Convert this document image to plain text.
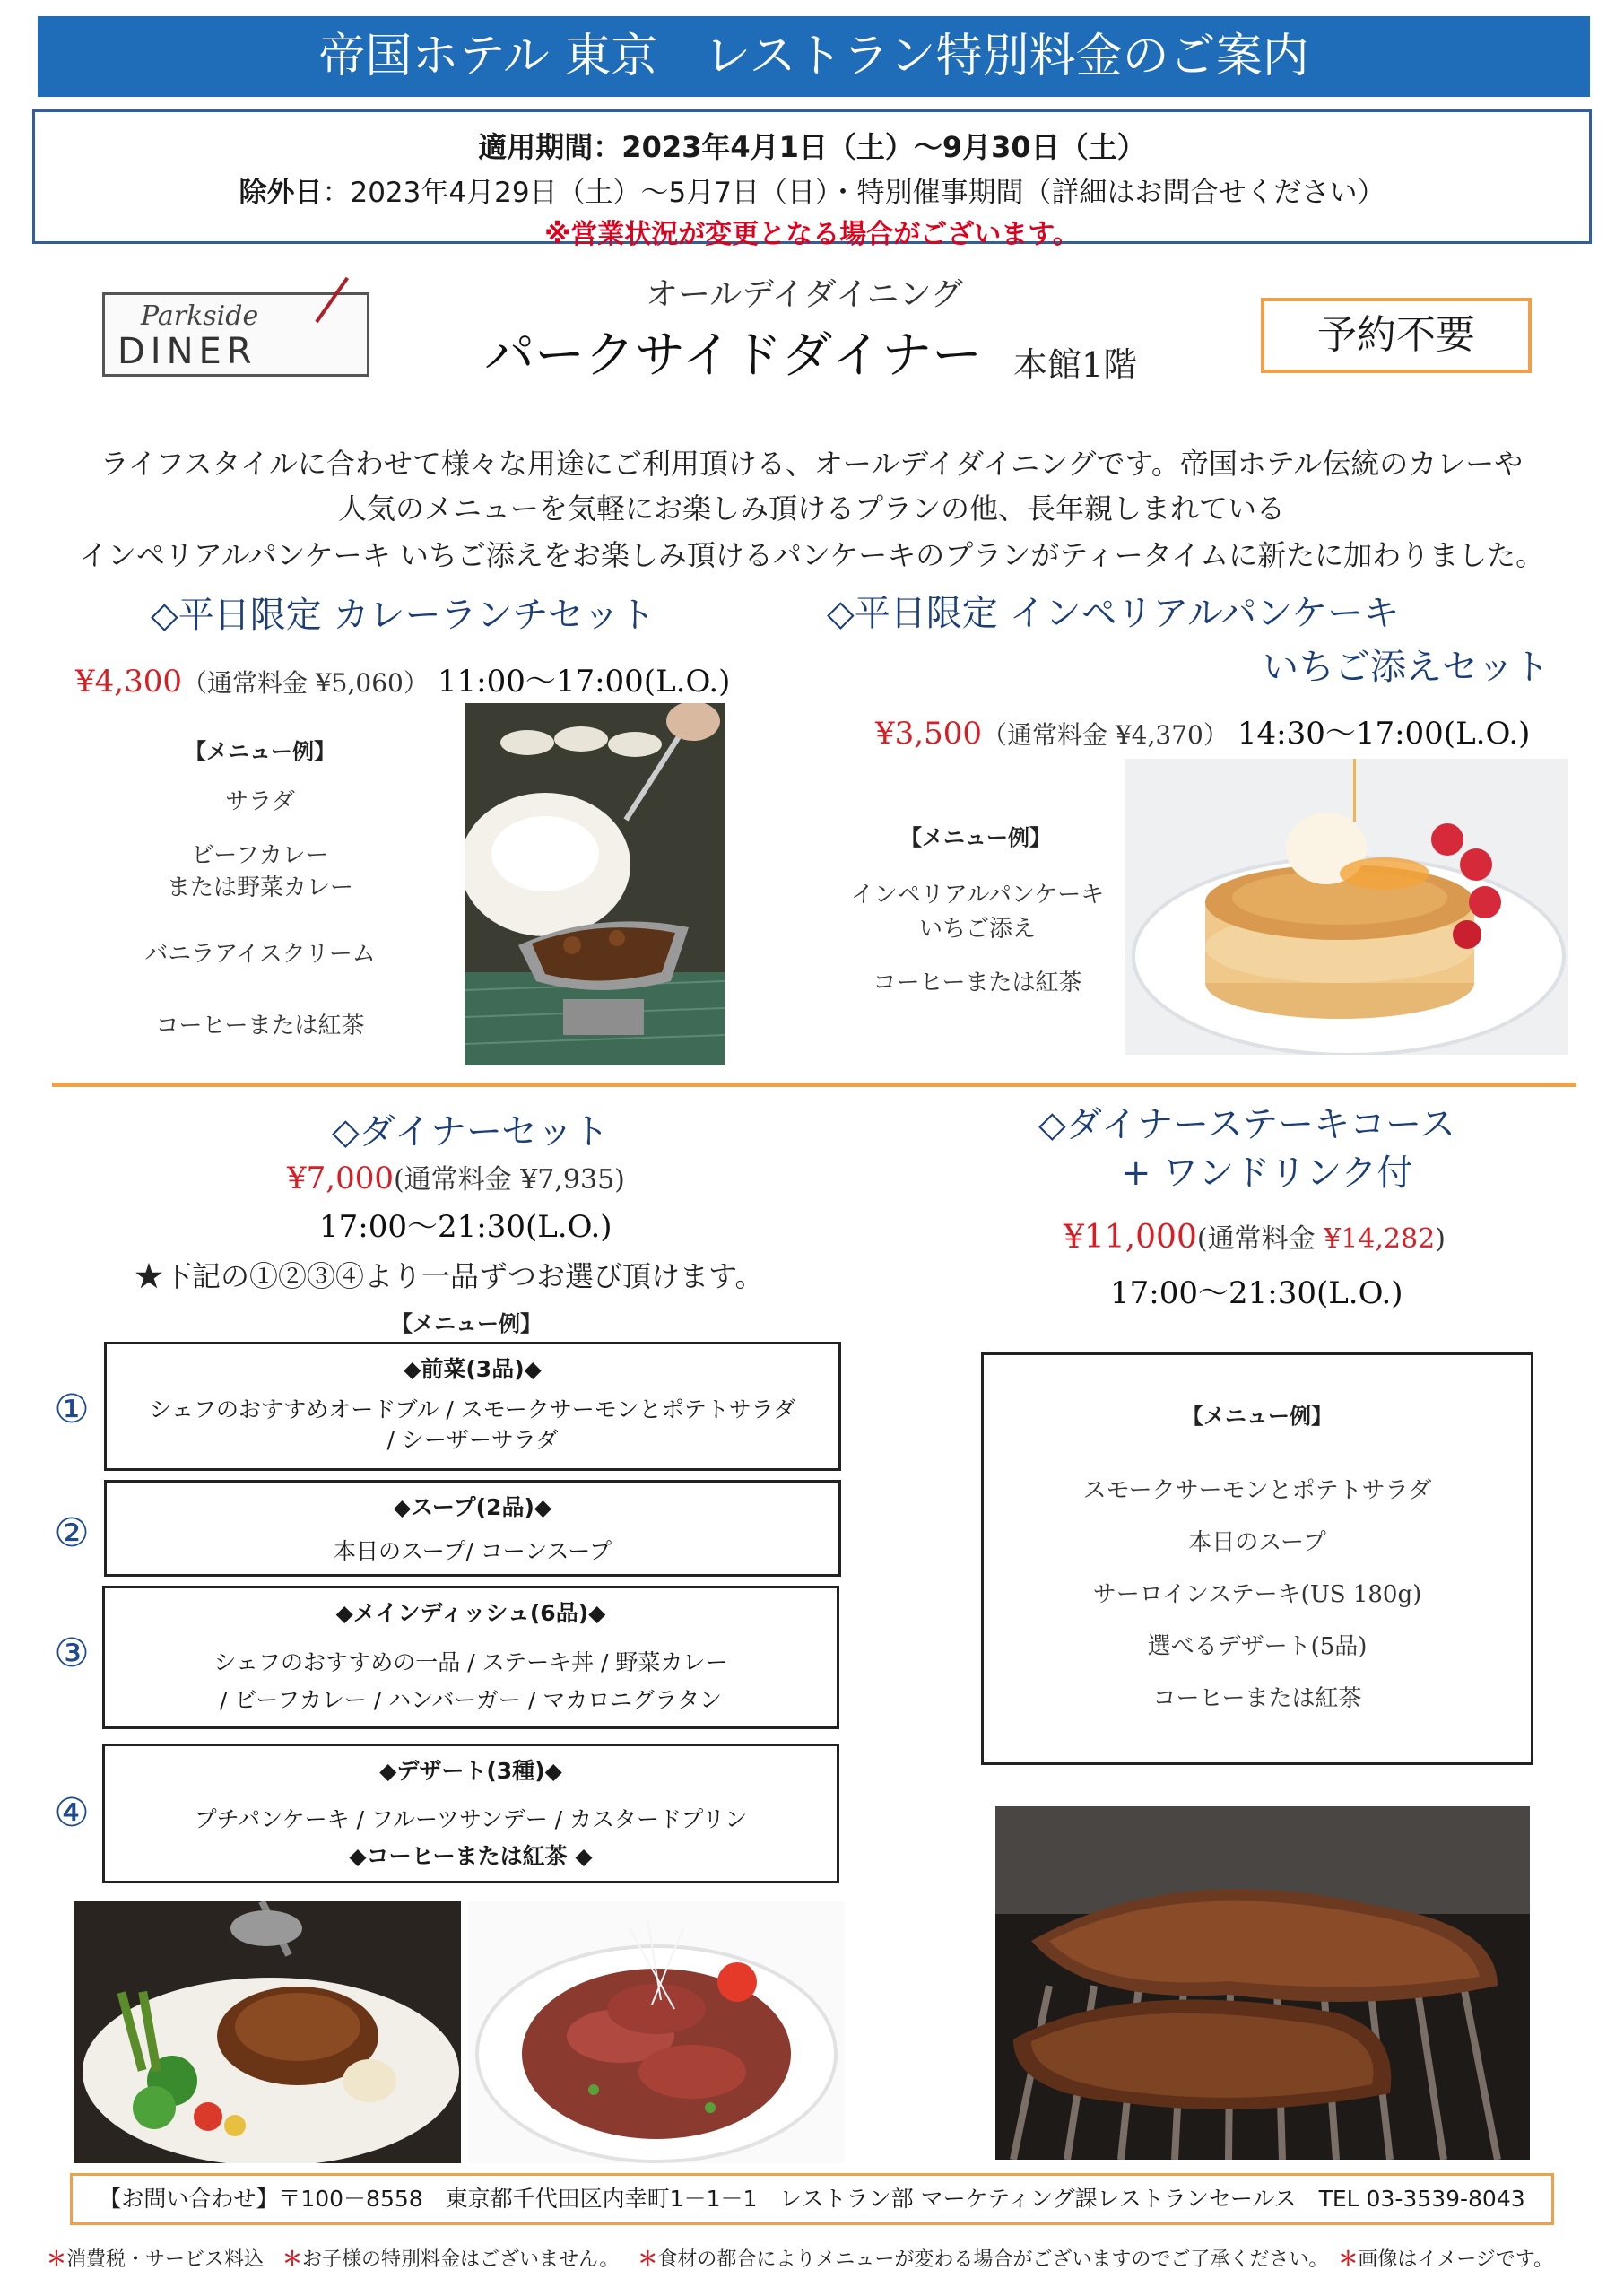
帝国ホテル 東京　レストラン特別料金のご案内
適用期間：2023年4月1日（土）～9月30日（土）
除外日：2023年4月29日（土）～5月7日（日）・特別催事期間（詳細はお問合せください）
※営業状況が変更となる場合がございます。
Parkside
DINER
オールデイダイニング
パークサイドダイナー 本館1階
予約不要
ライフスタイルに合わせて様々な用途にご利用頂ける、オールデイダイニングです。帝国ホテル伝統のカレーや
人気のメニューを気軽にお楽しみ頂けるプランの他、長年親しまれている
インペリアルパンケーキ いちご添えをお楽しみ頂けるパンケーキのプランがティータイムに新たに加わりました。
◇平日限定 カレーランチセット
¥4,300（通常料金 ¥5,060） 11:00～17:00(L.O.)
【メニュー例】
サラダ
ビーフカレー
または野菜カレー
バニラアイスクリーム
コーヒーまたは紅茶
◇平日限定 インペリアルパンケーキ
いちご添えセット
¥3,500（通常料金 ¥4,370） 14:30～17:00(L.O.)
【メニュー例】
インペリアルパンケーキ
いちご添え
コーヒーまたは紅茶
◇ダイナーセット
¥7,000(通常料金 ¥7,935)
17:00～21:30(L.O.)
★下記の①②③④より一品ずつお選び頂けます。
【メニュー例】
①
◆前菜(3品)◆
シェフのおすすめオードブル / スモークサーモンとポテトサラダ
/ シーザーサラダ
②
◆スープ(2品)◆
本日のスープ/ コーンスープ
③
◆メインディッシュ(6品)◆
シェフのおすすめの一品 / ステーキ丼 / 野菜カレー
/ ビーフカレー / ハンバーガー / マカロニグラタン
④
◆デザート(3種)◆
プチパンケーキ / フルーツサンデー / カスタードプリン
◆コーヒーまたは紅茶 ◆
◇ダイナーステーキコース
+ ワンドリンク付
¥11,000(通常料金 ¥14,282)
17:00～21:30(L.O.)
【メニュー例】
スモークサーモンとポテトサラダ
本日のスープ
サーロインステーキ(US 180g)
選べるデザート(5品)
コーヒーまたは紅茶
【お問い合わせ】〒100－8558　東京都千代田区内幸町1－1－1　レストラン部 マーケティング課レストランセールス　TEL 03-3539-8043
＊消費税・サービス料込 ＊お子様の特別料金はございません。 ＊食材の都合によりメニューが変わる場合がございますのでご了承ください。 ＊画像はイメージです。
